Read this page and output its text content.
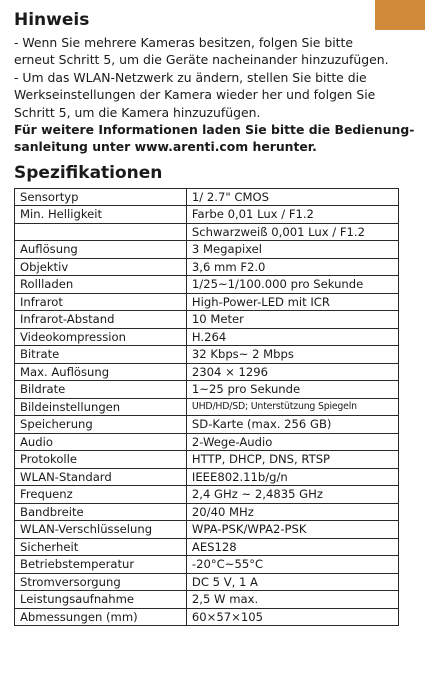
Hinweis
- Wenn Sie mehrere Kameras besitzen, folgen Sie bitte
erneut Schritt 5, um die Geräte nacheinander hinzuzufügen.
- Um das WLAN-Netzwerk zu ändern, stellen Sie bitte die
Werkseinstellungen der Kamera wieder her und folgen Sie
Schritt 5, um die Kamera hinzuzufügen.
Für weitere Informationen laden Sie bitte die Bedienung-
sanleitung unter www.arenti.com herunter.
Spezifikationen
Sensortyp	1/ 2.7" CMOS
Min. Helligkeit	Farbe 0,01 Lux / F1.2
	Schwarzweiß 0,001 Lux / F1.2
Auflösung	3 Megapixel
Objektiv	3,6 mm F2.0
Rollladen	1/25~1/100.000 pro Sekunde
Infrarot	High-Power-LED mit ICR
Infrarot-Abstand	10 Meter
Videokompression	H.264
Bitrate	32 Kbps~ 2 Mbps
Max. Auflösung	2304 × 1296
Bildrate	1~25 pro Sekunde
Bildeinstellungen	UHD/HD/SD; Unterstützung Spiegeln
Speicherung	SD-Karte (max. 256 GB)
Audio	2-Wege-Audio
Protokolle	HTTP, DHCP, DNS, RTSP
WLAN-Standard	IEEE802.11b/g/n
Frequenz	2,4 GHz ~ 2,4835 GHz
Bandbreite	20/40 MHz
WLAN-Verschlüsselung	WPA-PSK/WPA2-PSK
Sicherheit	AES128
Betriebstemperatur	-20°C~55°C
Stromversorgung	DC 5 V, 1 A
Leistungsaufnahme	2,5 W max.
Abmessungen (mm)	60×57×105
